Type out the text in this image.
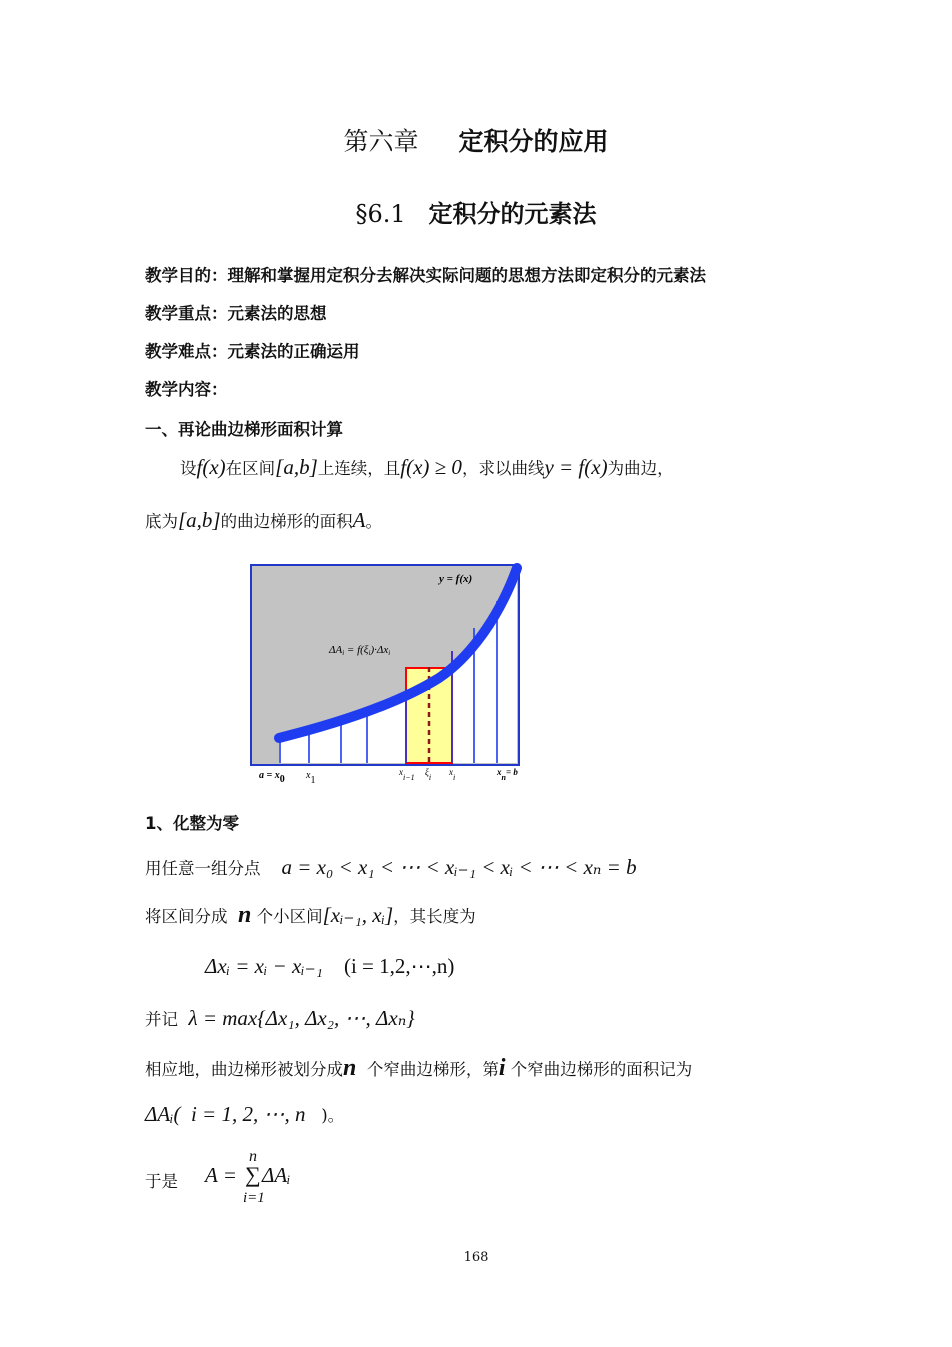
第六章 定积分的应用
§6.1 定积分的元素法
教学目的：理解和掌握用定积分去解决实际问题的思想方法即定积分的元素法
教学重点：元素法的思想
教学难点：元素法的正确运用
教学内容：
一、再论曲边梯形面积计算
设f(x)在区间[a,b]上连续，且f(x) ≥ 0，求以曲线y = f(x)为曲边，
底为[a,b]的曲边梯形的面积A。
y = f(x)
ΔAi = f(ξi)·Δxi
a = x0 x1
xi−1
ξi
xi
xn= b
1、化整为零
用任意一组分点 a = x₀ < x₁ < ⋯ < xᵢ₋₁ < xᵢ < ⋯ < xₙ = b
将区间分成 n 个小区间[xᵢ₋₁, xᵢ]，其长度为
Δxᵢ = xᵢ − xᵢ₋₁ (i = 1,2,⋯,n)
并记 λ = max{Δx₁, Δx₂, ⋯, Δxₙ}
相应地，曲边梯形被划分成n 个窄曲边梯形，第i 个窄曲边梯形的面积记为
ΔAᵢ( i = 1, 2, ⋯, n )。
于是 A =
n
∑
i=1
ΔAᵢ
168
